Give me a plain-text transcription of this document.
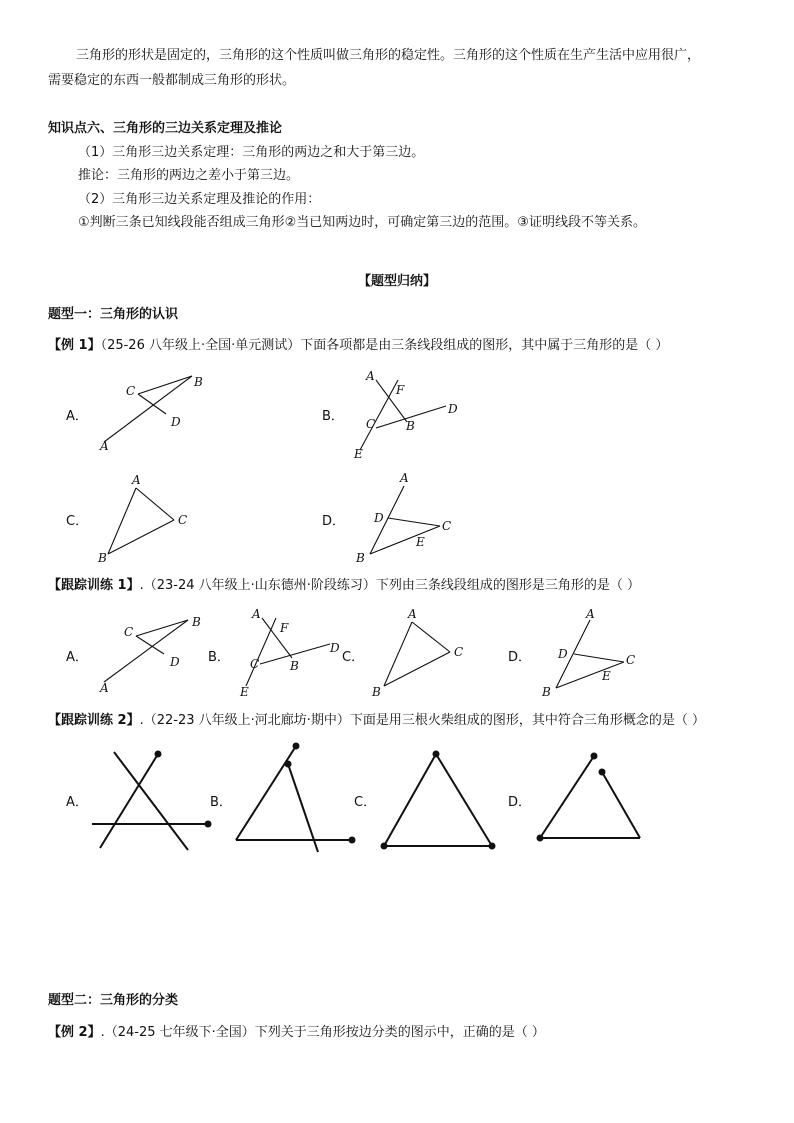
三角形的形状是固定的，三角形的这个性质叫做三角形的稳定性。三角形的这个性质在生产生活中应用很广，
需要稳定的东西一般都制成三角形的形状。
知识点六、三角形的三边关系定理及推论
（1）三角形三边关系定理：三角形的两边之和大于第三边。
推论：三角形的两边之差小于第三边。
（2）三角形三边关系定理及推论的作用：
①判断三条已知线段能否组成三角形②当已知两边时，可确定第三边的范围。③证明线段不等关系。
【题型归纳】
题型一：三角形的认识
【例 1】（25-26 八年级上·全国·单元测试）下面各项都是由三条线段组成的图形，其中属于三角形的是（ ）
A．
C
B
D
A
B．
A
F
D
C	B
E
C．
A
C
B
D．
A
D
C
E
B
【跟踪训练 1】.（23-24 八年级上·山东德州·阶段练习）下列由三条线段组成的图形是三角形的是（ ）
A．
C
B
D
A
B．
A
F
D
C	B
E
C．
A
C
B
D．
A
D	C
E
B
【跟踪训练 2】.（22-23 八年级上·河北廊坊·期中）下面是用三根火柴组成的图形，其中符合三角形概念的是（ ）
A．	B．	C．	D．
题型二：三角形的分类
【例 2】.（24-25 七年级下·全国）下列关于三角形按边分类的图示中，正确的是（ ）
